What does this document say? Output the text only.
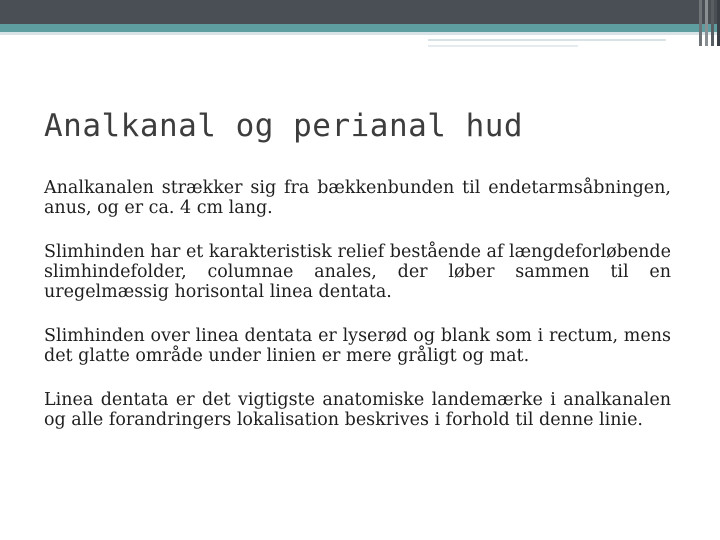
Analkanal og perianal hud

Analkanalen strækker sig fra bækkenbunden til endetarmsåbningen, anus, og er ca. 4 cm lang.

Slimhinden har et karakteristisk relief bestående af længdeforløbende slimhindefolder, columnae anales, der løber sammen til en uregelmæssig horisontal linea dentata.

Slimhinden over linea dentata er lyserød og blank som i rectum, mens det glatte område under linien er mere gråligt og mat.

Linea dentata er det vigtigste anatomiske landemærke i analkanalen og alle forandringers lokalisation beskrives i forhold til denne linie.
